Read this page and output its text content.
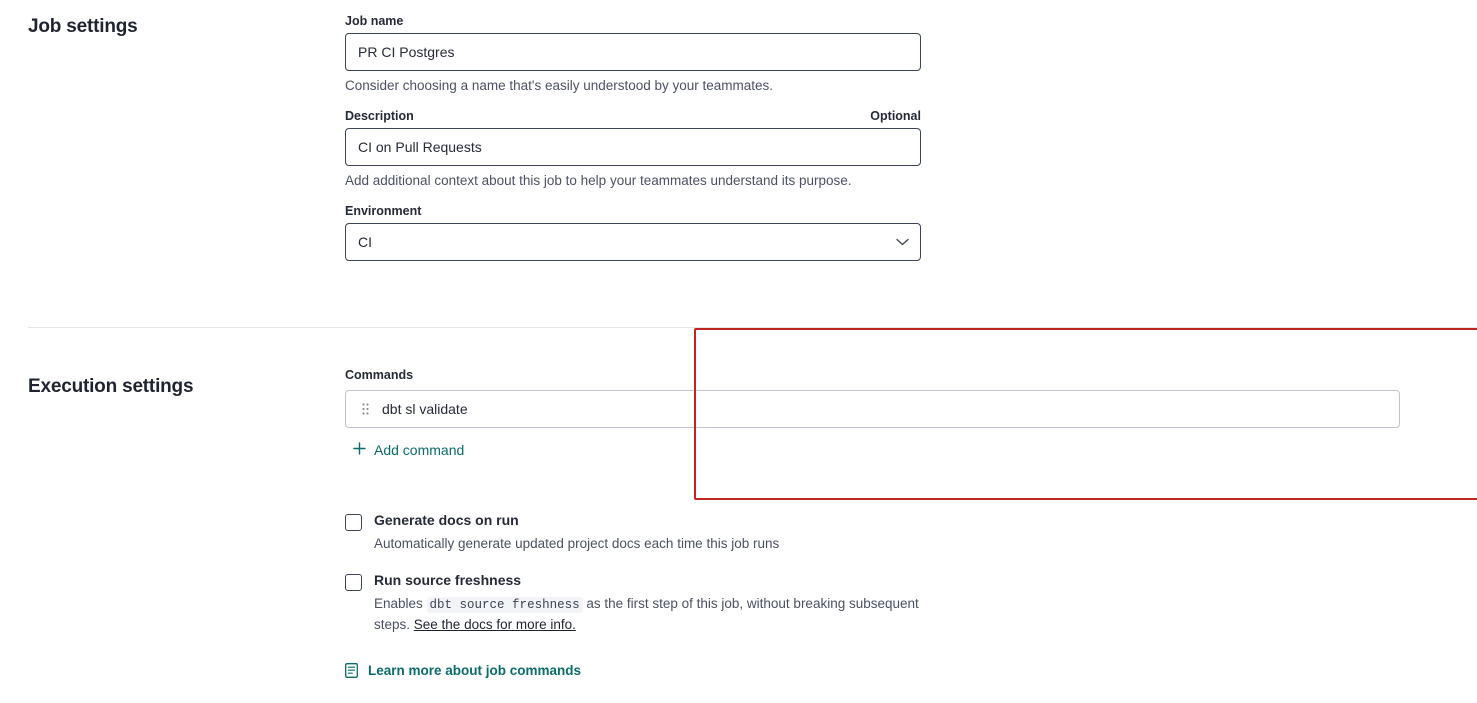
Job settings	Job name
PR CI Postgres
Consider choosing a name that's easily understood by your teammates.
Description	Optional
CI on Pull Requests
Add additional context about this job to help your teammates understand its purpose.
Environment
CI
Execution settings
Commands
dbt sl validate
Add command
Generate docs on run
Automatically generate updated project docs each time this job runs
Run source freshness
Enables dbt source freshness as the first step of this job, without breaking subsequent steps. See the docs for more info.
Learn more about job commands
